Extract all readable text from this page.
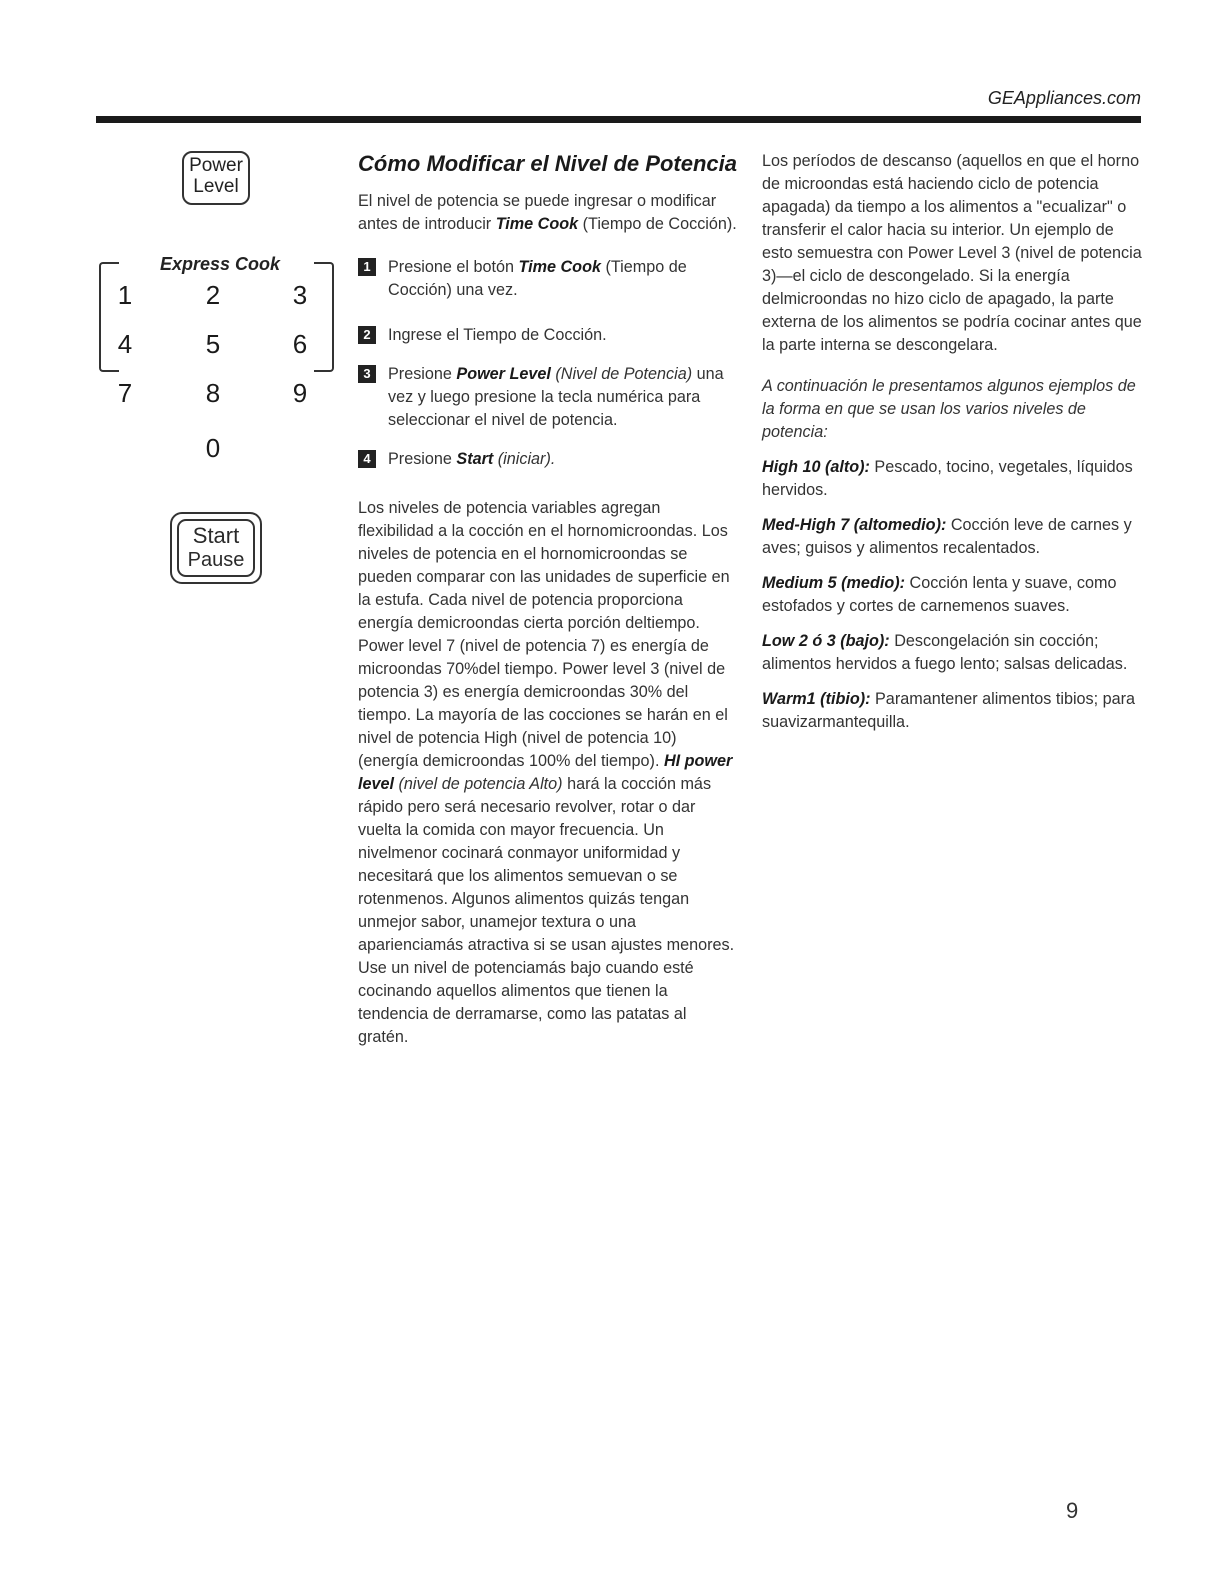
GEAppliances.com
Power
Level
Express Cook
1	2	3
4	5	6
7	8	9
0
Start
Pause
Cómo Modificar el Nivel de Potencia

El nivel de potencia se puede ingresar o modificar antes de introducir Time Cook (Tiempo de Cocción).

1	Presione el botón Time Cook (Tiempo de Cocción) una vez.
2	Ingrese el Tiempo de Cocción.
3	Presione Power Level (Nivel de Potencia) una vez y luego presione la tecla numérica para seleccionar el nivel de potencia.
4	Presione Start (iniciar).

Los niveles de potencia variables agregan flexibilidad a la cocción en el hornomicroondas. Los niveles de potencia en el hornomicroondas se pueden comparar con las unidades de superficie en la estufa. Cada nivel de potencia proporciona energía demicroondas cierta porción deltiempo. Power level 7 (nivel de potencia 7) es energía de microondas 70%del tiempo. Power level 3 (nivel de potencia 3) es energía demicroondas 30% del tiempo. La mayoría de las cocciones se harán en el nivel de potencia High (nivel de potencia 10) (energía demicroondas 100% del tiempo). HI power level (nivel de potencia Alto) hará la cocción más rápido pero será necesario revolver, rotar o dar vuelta la comida con mayor frecuencia. Un nivelmenor cocinará conmayor uniformidad y necesitará que los alimentos semuevan o se rotenmenos. Algunos alimentos quizás tengan unmejor sabor, unamejor textura o una aparienciamás atractiva si se usan ajustes menores. Use un nivel de potenciamás bajo cuando esté cocinando aquellos alimentos que tienen la tendencia de derramarse, como las patatas al gratén.

Los períodos de descanso (aquellos en que el horno de microondas está haciendo ciclo de potencia apagada) da tiempo a los alimentos a "ecualizar" o transferir el calor hacia su interior. Un ejemplo de esto semuestra con Power Level 3 (nivel de potencia 3)—el ciclo de descongelado. Si la energía delmicroondas no hizo ciclo de apagado, la parte externa de los alimentos se podría cocinar antes que la parte interna se descongelara.

A continuación le presentamos algunos ejemplos de la forma en que se usan los varios niveles de potencia:

High 10 (alto): Pescado, tocino, vegetales, líquidos hervidos.

Med-High 7 (altomedio): Cocción leve de carnes y aves; guisos y alimentos recalentados.

Medium 5 (medio): Cocción lenta y suave, como estofados y cortes de carnemenos suaves.

Low 2 ó 3 (bajo): Descongelación sin cocción; alimentos hervidos a fuego lento; salsas delicadas.

Warm1 (tibio): Paramantener alimentos tibios; para suavizarmantequilla.

9
